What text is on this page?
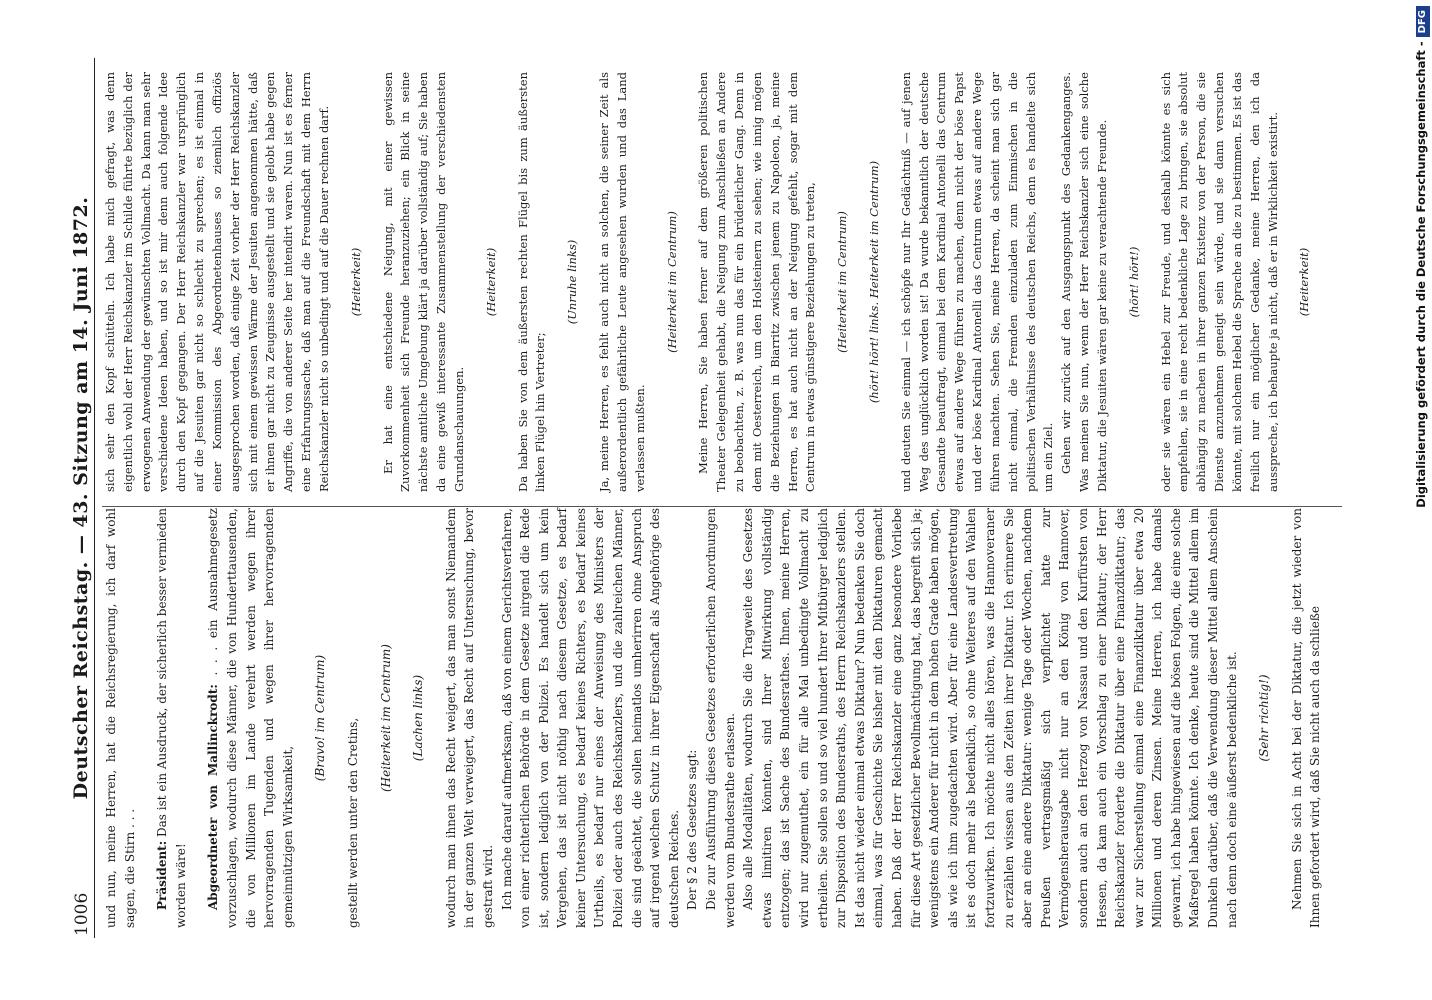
1006
Deutscher Reichstag. — 43. Sitzung am 14. Juni 1872. und nun, meine Herren, hat die Reichsregierung, ich darf wohl sagen, die Stirn . . . Präsident: Das ist ein Ausdruck, der sicherlich besser vermieden worden wäre! Abgeordneter von Mallinckrodt: . . . ein Ausnahmegesetz vorzuschlagen, wodurch diese Männer, die von Hunderttausenden, die von Millionen im Lande verehrt werden wegen ihrer hervorragenden Tugenden und wegen ihrer hervorragenden gemeinnützigen Wirksamkeit,

(Bravo! im Centrum) gestellt werden unter den Cretins, (Heiterkeit im Centrum) (Lachen links) wodurch man ihnen das Recht weigert, das man sonst Niemandem in der ganzen Welt verweigert, das Recht auf Untersuchung, bevor gestraft wird. Ich mache darauf aufmerksam, daß von einem Gerichtsverfahren, von einer richterlichen Behörde in dem Gesetze nirgend die Rede ist, sondern lediglich von der Polizei. Es handelt sich um kein Vergehen, das ist nicht nöthig nach diesem Gesetze, es bedarf keiner Untersuchung, es bedarf keines Richters, es bedarf keines Urtheils, es bedarf nur eines der Anweisung des Ministers der Polizei oder auch des Reichskanzlers, und die zahlreichen Männer, die sind geächtet, die sollen heimatlos umherirren ohne Anspruch auf irgend welchen Schutz in ihrer Eigenschaft als Angehörige des deutschen Reiches. Der § 2 des Gesetzes sagt: Die zur Ausführung dieses Gesetzes erforderlichen Anordnungen werden vom Bundesrathe erlassen. Also alle Modalitäten, wodurch Sie die Tragweite des Gesetzes etwas limitiren könnten, sind Ihrer Mitwirkung vollständig entzogen; das ist Sache des Bundesrathes. Ihnen, meine Herren, wird nur zugemuthet, ein für alle Mal unbedingte Vollmacht zu ertheilen. Sie sollen so und so viel hundert Ihrer Mitbürger lediglich zur Disposition des Bundesraths, des Herrn Reichskanzlers stellen. Ist das nicht wieder einmal etwas Diktatur? Nun bedenken Sie doch einmal, was für Geschichte Sie bisher mit den Diktaturen gemacht haben. Daß der Herr Reichskanzler eine ganz besondere Vorliebe für diese Art gesetzlicher Bevollmächtigung hat, das begreift sich ja; wenigstens ein Anderer für nicht in dem hohen Grade haben mögen, als wie ich ihm zugedachten wird. Aber für eine Landesvertretung ist es doch mehr als bedenklich, so ohne Weiteres auf den Wahlen fortzuwirken. Ich möchte nicht alles hören, was die Hannoveraner zu erzählen wissen aus den Zeiten ihrer Diktatur. Ich erinnere Sie aber an eine andere Diktatur: wenige Tage oder Wochen, nachdem Preußen vertragsmäßig sich verpflichtet hatte zur Vermögensherausgabe nicht nur an den König von Hannover, sondern auch an den Herzog von Nassau und den Kurfürsten von Hessen, da kam auch ein Vorschlag zu einer Diktatur; der Herr Reichskanzler forderte die Diktatur über eine Finanzdiktatur; das war zur Sicherstellung einmal eine Finanzdiktatur über etwa 20 Millionen und deren Zinsen. Meine Herren, ich habe damals gewarnt, ich habe hingewiesen auf die bösen Folgen, die eine solche Maßregel haben könnte. Ich denke, heute sind die Mittel allem im Dunkeln darüber, daß die Verwendung dieser Mittel allem Anschein nach denn doch eine äußerst bedenkliche ist. (Sehr richtig!) Nehmen Sie sich in Acht bei der Diktatur, die jetzt wieder von Ihnen gefordert wird, daß Sie nicht auch da schließe

sich sehr den Kopf schütteln. Ich habe mich gefragt, was denn eigentlich wohl der Herr Reichskanzler im Schilde führte bezüglich der erwogenen Anwendung der gewünschten Vollmacht. Da kann man sehr verschiedene Ideen haben, und so ist mir denn auch folgende Idee durch den Kopf gegangen. Der Herr Reichskanzler war ursprünglich auf die Jesuiten gar nicht so schlecht zu sprechen; es ist einmal in einer Kommission des Abgeordnetenhauses so ziemlich offiziös ausgesprochen worden, daß einige Zeit vorher der Herr Reichskanzler sich mit einem gewissen Wärme der Jesuiten angenommen hätte, daß er ihnen gar nicht zu Zeugnisse ausgestellt und sie gelobt habe gegen Angriffe, die von anderer Seite her intendirt waren. Nun ist es ferner eine Erfahrungssache, daß man auf die Freundschaft mit dem Herrn Reichskanzler nicht so unbedingt und auf die Dauer rechnen darf. (Heiterkeit) Er hat eine entschiedene Neigung, mit einer gewissen Zuvorkommenheit sich Freunde heranzuziehen; ein Blick in seine nächste amtliche Umgebung klärt ja darüber vollständig auf; Sie haben da eine gewiß interessante Zusammenstellung der verschiedensten Grundanschauungen.

(Heiterkeit) Da haben Sie von dem äußersten rechten Flügel bis zum äußersten linken Flügel hin Vertreter;

(Unruhe links) Ja, meine Herren, es fehlt auch nicht an solchen, die seiner Zeit als außerordentlich gefährliche Leute angesehen wurden und das Land verlassen mußten.

(Heiterkeit im Centrum) Meine Herren, Sie haben ferner auf dem größeren politischen Theater Gelegenheit gehabt, die Neigung zum Anschließen an Andere zu beobachten, z. B. was nun das für ein brüderlicher Gang. Denn in dem mit Oesterreich, um den Holsteinern zu sehen; wie innig mögen die Beziehungen in Biarritz zwischen jenem zu Napoleon, ja, meine Herren, es hat auch nicht an der Neigung gefehlt, sogar mit dem Centrum in etwas günstigere Beziehungen zu treten, (Heiterkeit im Centrum) (hört! hört! links. Heiterkeit im Centrum) und deuten Sie einmal — ich schöpfe nur Ihr Gedächtniß — auf jenen Weg des unglücklich worden ist! Da wurde bekanntlich der deutsche Gesandte beauftragt, einmal bei dem Kardinal Antonelli das Centrum etwas auf andere Wege führen zu machen, denn nicht der böse Papst und der böse Kardinal Antonelli das Centrum etwas auf andere Wege führen machten. Sehen Sie, meine Herren, da scheint man sich gar nicht einmal, die Fremden einzuladen zum Einmischen in die politischen Verhältnisse des deutschen Reichs, denn es handelte sich um ein Ziel. Gehen wir zurück auf den Ausgangspunkt des Gedankenganges. Was meinen Sie nun, wenn der Herr Reichskanzler sich eine solche Diktatur, die Jesuiten wären gar keine zu verachtende Freunde. (hört! hört!) oder sie wären ein Hebel zur Freude, und deshalb könnte es sich empfehlen, sie in eine recht bedenkliche Lage zu bringen, sie absolut abhängig zu machen in ihrer ganzen Existenz von der Person, die sie Dienste anzunehmen geneigt sein würde, und sie dann versuchen könnte, mit solchem Hebel die Sprache an die zu bestimmen. Es ist das freilich nur ein möglicher Gedanke, meine Herren, den ich da ausspreche, ich behaupte ja nicht, daß er in Wirklichkeit existirt. (Heiterkeit)	Digitalisierung gefördert durch die Deutsche Forschungsgemeinschaft -DFG
